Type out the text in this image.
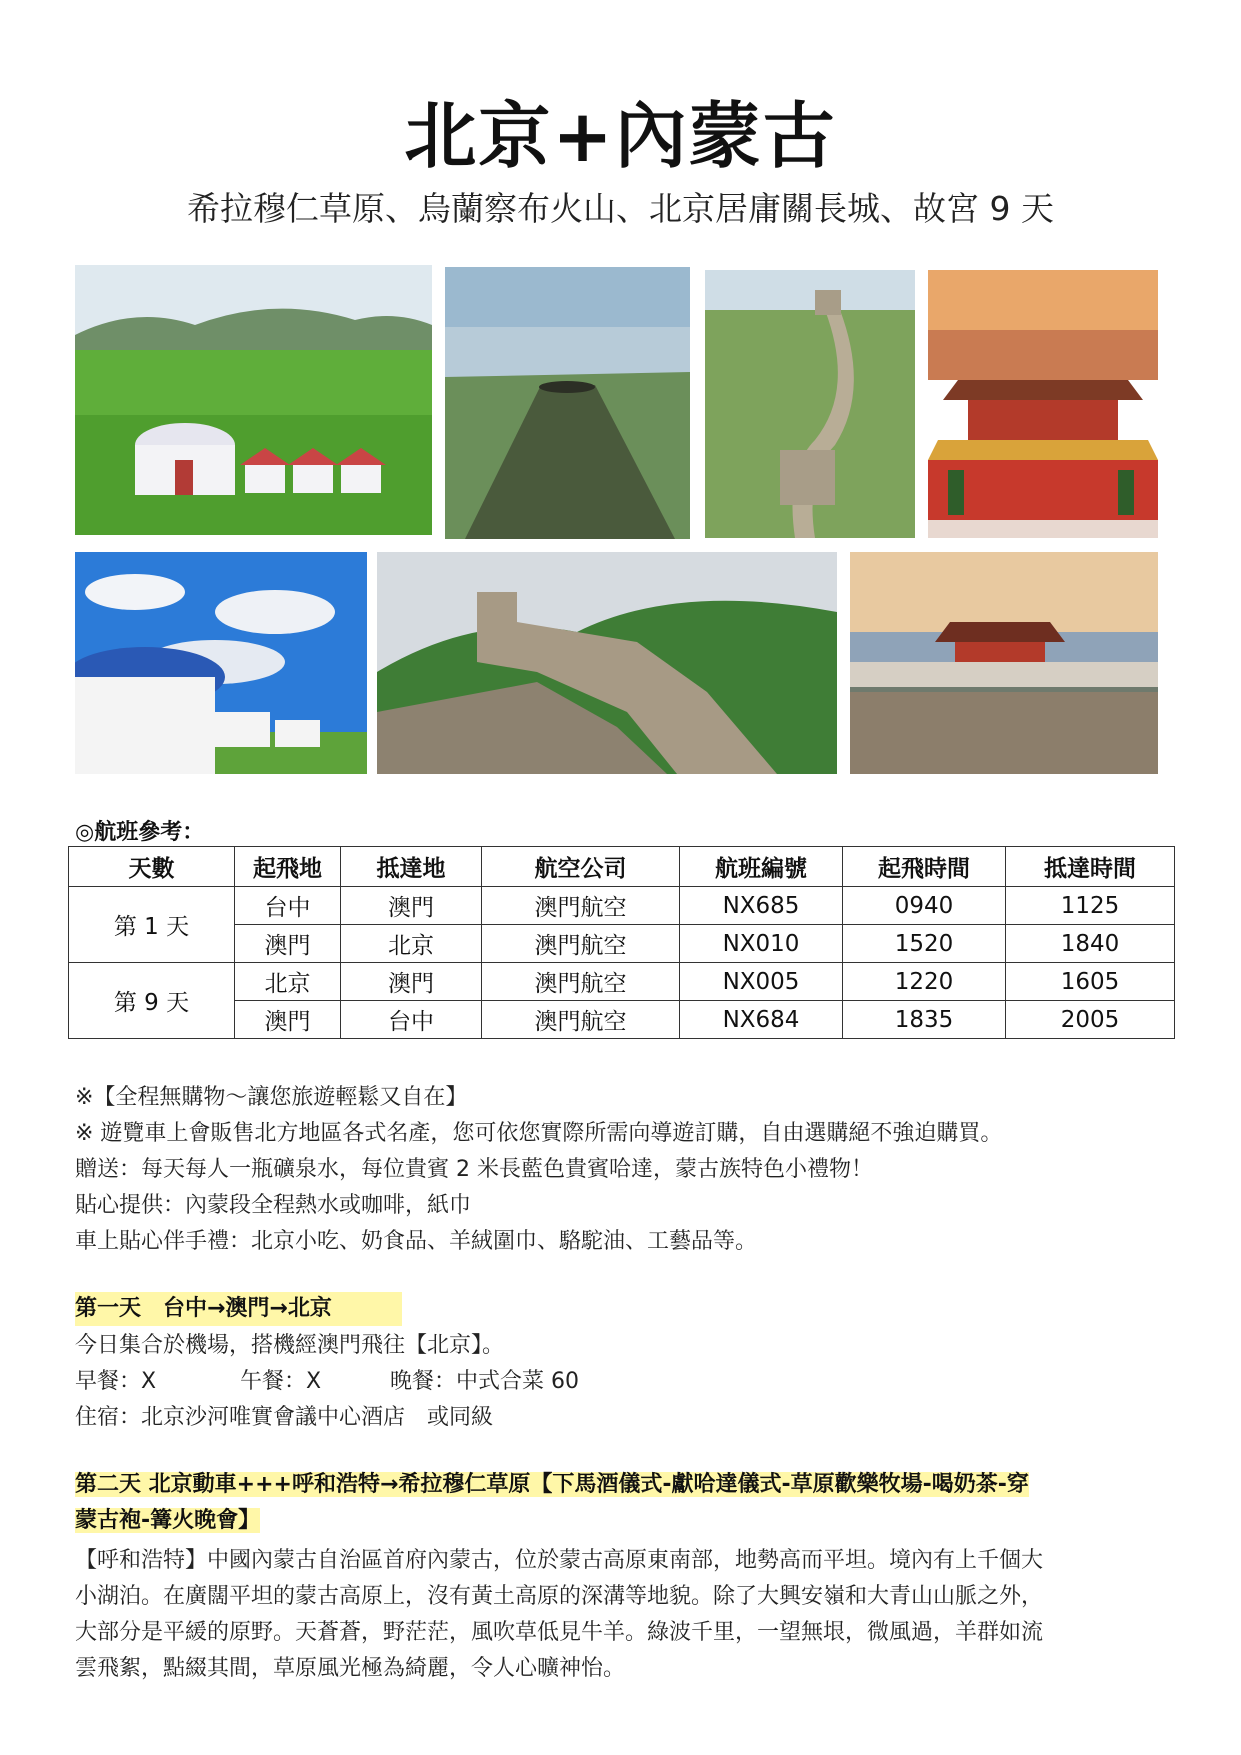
北京+內蒙古
希拉穆仁草原、烏蘭察布火山、北京居庸關長城、故宮 9 天
◎航班參考：
天數	起飛地	抵達地	航空公司	航班編號	起飛時間	抵達時間
第 1 天	台中	澳門	澳門航空	NX685	0940	1125
	澳門	北京	澳門航空	NX010	1520	1840
第 9 天	北京	澳門	澳門航空	NX005	1220	1605
	澳門	台中	澳門航空	NX684	1835	2005
※【全程無購物～讓您旅遊輕鬆又自在】
※ 遊覽車上會販售北方地區各式名產，您可依您實際所需向導遊訂購，自由選購絕不強迫購買。
贈送：每天每人一瓶礦泉水，每位貴賓 2 米長藍色貴賓哈達，蒙古族特色小禮物！
貼心提供：內蒙段全程熱水或咖啡，紙巾
車上貼心伴手禮：北京小吃、奶食品、羊絨圍巾、駱駝油、工藝品等。
第一天　台中→澳門→北京
今日集合於機場，搭機經澳門飛往【北京】。
早餐：X	午餐：X	晚餐：中式合菜 60
住宿：北京沙河唯實會議中心酒店　或同級
第二天 北京動車+++呼和浩特→希拉穆仁草原【下馬酒儀式-獻哈達儀式-草原歡樂牧場-喝奶茶-穿
蒙古袍-篝火晚會】
【呼和浩特】中國內蒙古自治區首府內蒙古，位於蒙古高原東南部，地勢高而平坦。境內有上千個大
小湖泊。在廣闊平坦的蒙古高原上，沒有黃土高原的深溝等地貌。除了大興安嶺和大青山山脈之外，
大部分是平緩的原野。天蒼蒼，野茫茫，風吹草低見牛羊。綠波千里，一望無垠，微風過，羊群如流
雲飛絮，點綴其間，草原風光極為綺麗，令人心曠神怡。
